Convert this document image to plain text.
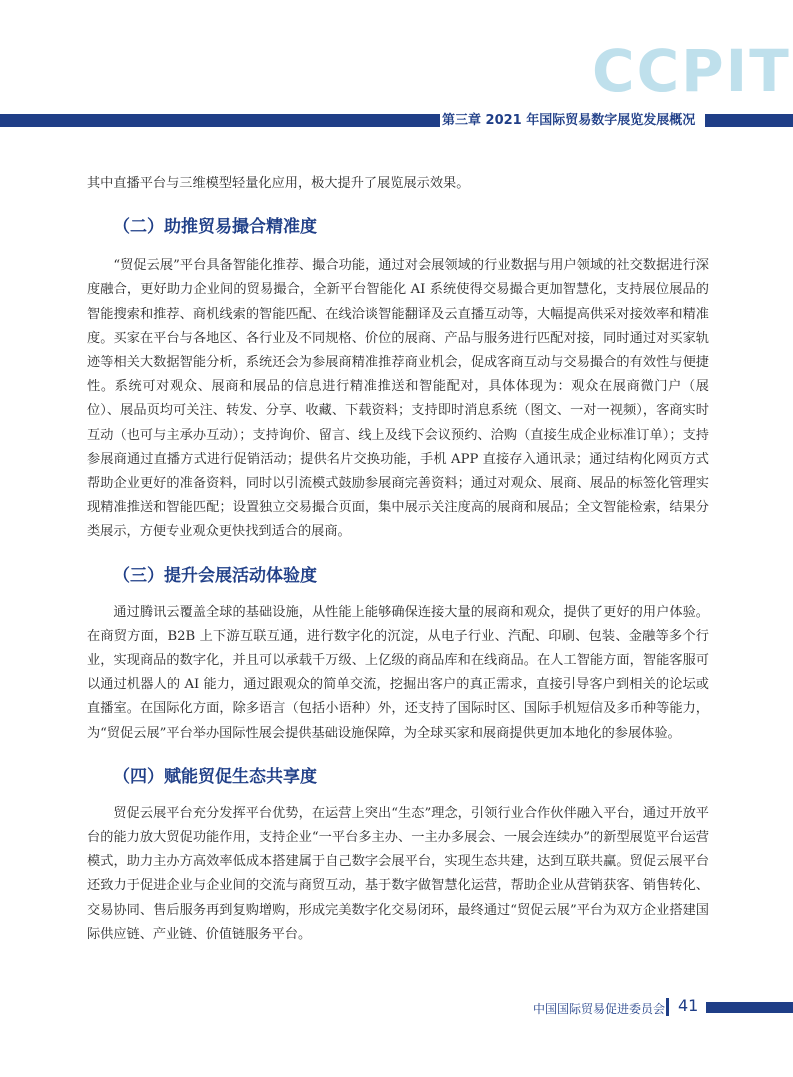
CCPIT
第三章 2021 年国际贸易数字展览发展概况

其中直播平台与三维模型轻量化应用，极大提升了展览展示效果。

（二）助推贸易撮合精准度

“贸促云展”平台具备智能化推荐、撮合功能，通过对会展领域的行业数据与用户领域的社交数据进行深度融合，更好助力企业间的贸易撮合，全新平台智能化 AI 系统使得交易撮合更加智慧化，支持展位展品的智能搜索和推荐、商机线索的智能匹配、在线洽谈智能翻译及云直播互动等，大幅提高供采对接效率和精准度。买家在平台与各地区、各行业及不同规格、价位的展商、产品与服务进行匹配对接，同时通过对买家轨迹等相关大数据智能分析，系统还会为参展商精准推荐商业机会，促成客商互动与交易撮合的有效性与便捷性。系统可对观众、展商和展品的信息进行精准推送和智能配对，具体体现为：观众在展商微门户（展位）、展品页均可关注、转发、分享、收藏、下载资料；支持即时消息系统（图文、一对一视频），客商实时互动（也可与主承办互动）；支持询价、留言、线上及线下会议预约、洽购（直接生成企业标准订单）；支持参展商通过直播方式进行促销活动；提供名片交换功能，手机 APP 直接存入通讯录；通过结构化网页方式帮助企业更好的准备资料，同时以引流模式鼓励参展商完善资料；通过对观众、展商、展品的标签化管理实现精准推送和智能匹配；设置独立交易撮合页面，集中展示关注度高的展商和展品；全文智能检索，结果分类展示，方便专业观众更快找到适合的展商。

（三）提升会展活动体验度

通过腾讯云覆盖全球的基础设施，从性能上能够确保连接大量的展商和观众，提供了更好的用户体验。在商贸方面，B2B 上下游互联互通，进行数字化的沉淀，从电子行业、汽配、印刷、包装、金融等多个行业，实现商品的数字化，并且可以承载千万级、上亿级的商品库和在线商品。在人工智能方面，智能客服可以通过机器人的 AI 能力，通过跟观众的简单交流，挖掘出客户的真正需求，直接引导客户到相关的论坛或直播室。在国际化方面，除多语言（包括小语种）外，还支持了国际时区、国际手机短信及多币种等能力，为“贸促云展”平台举办国际性展会提供基础设施保障，为全球买家和展商提供更加本地化的参展体验。

（四）赋能贸促生态共享度

贸促云展平台充分发挥平台优势，在运营上突出“生态”理念，引领行业合作伙伴融入平台，通过开放平台的能力放大贸促功能作用，支持企业“一平台多主办、一主办多展会、一展会连续办”的新型展览平台运营模式，助力主办方高效率低成本搭建属于自己数字会展平台，实现生态共建，达到互联共赢。贸促云展平台还致力于促进企业与企业间的交流与商贸互动，基于数字做智慧化运营，帮助企业从营销获客、销售转化、交易协同、售后服务再到复购增购，形成完美数字化交易闭环，最终通过“贸促云展”平台为双方企业搭建国际供应链、产业链、价值链服务平台。

中国国际贸易促进委员会 41
